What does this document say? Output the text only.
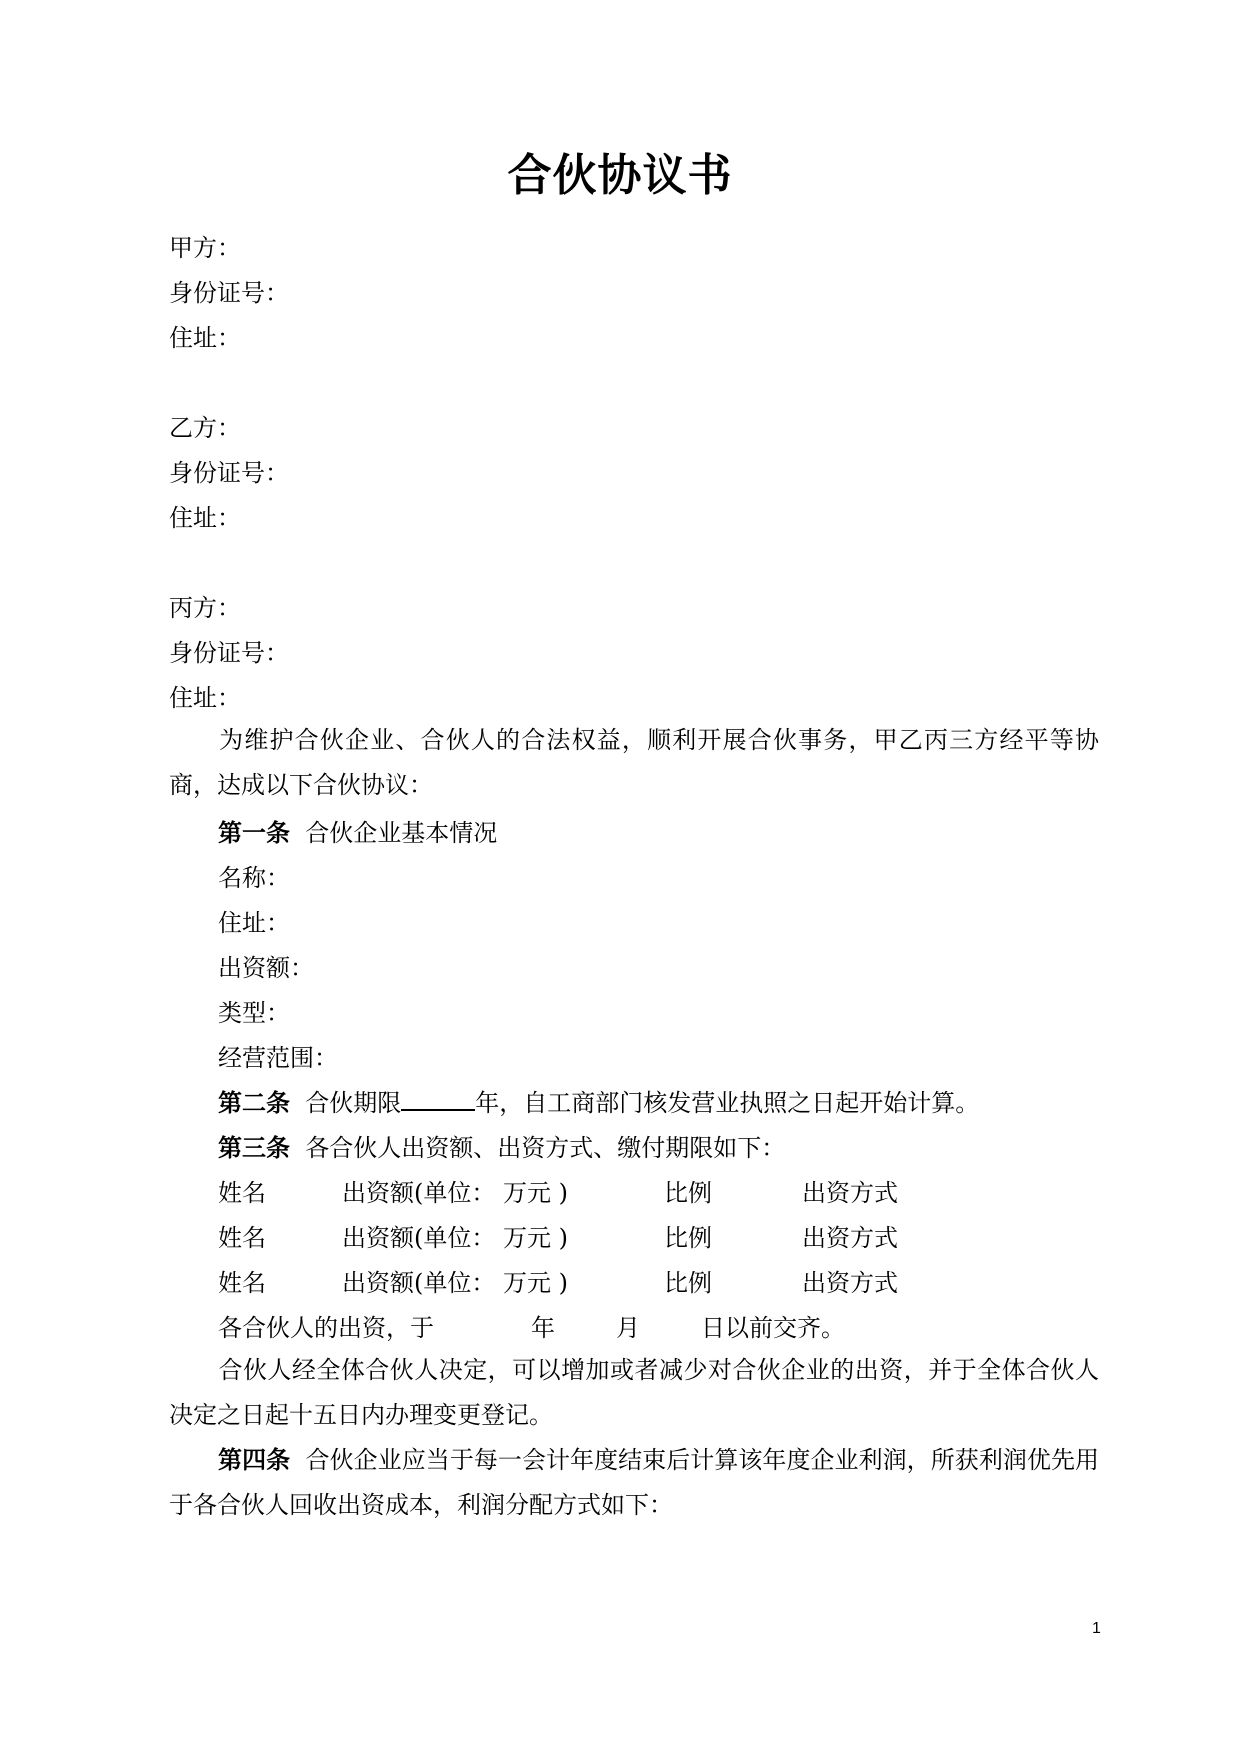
合伙协议书
甲方：
身份证号：
住址：
乙方：
身份证号：
住址：
丙方：
身份证号：
住址：
为维护合伙企业、合伙人的合法权益，顺利开展合伙事务，甲乙丙三方经平等协商，达成以下合伙协议：
第一条 合伙企业基本情况
名称：
住址：
出资额：
类型：
经营范围：
第二条 合伙期限	年，自工商部门核发营业执照之日起开始计算。
第三条 各合伙人出资额、出资方式、缴付期限如下：
姓名	出资额(单位： 万元 )	比例	出资方式
姓名	出资额(单位： 万元 )	比例	出资方式
姓名	出资额(单位： 万元 )	比例	出资方式
各合伙人的出资，于	年	月	日以前交齐。
合伙人经全体合伙人决定，可以增加或者减少对合伙企业的出资，并于全体合伙人决定之日起十五日内办理变更登记。
第四条 合伙企业应当于每一会计年度结束后计算该年度企业利润，所获利润优先用于各合伙人回收出资成本，利润分配方式如下：
1
